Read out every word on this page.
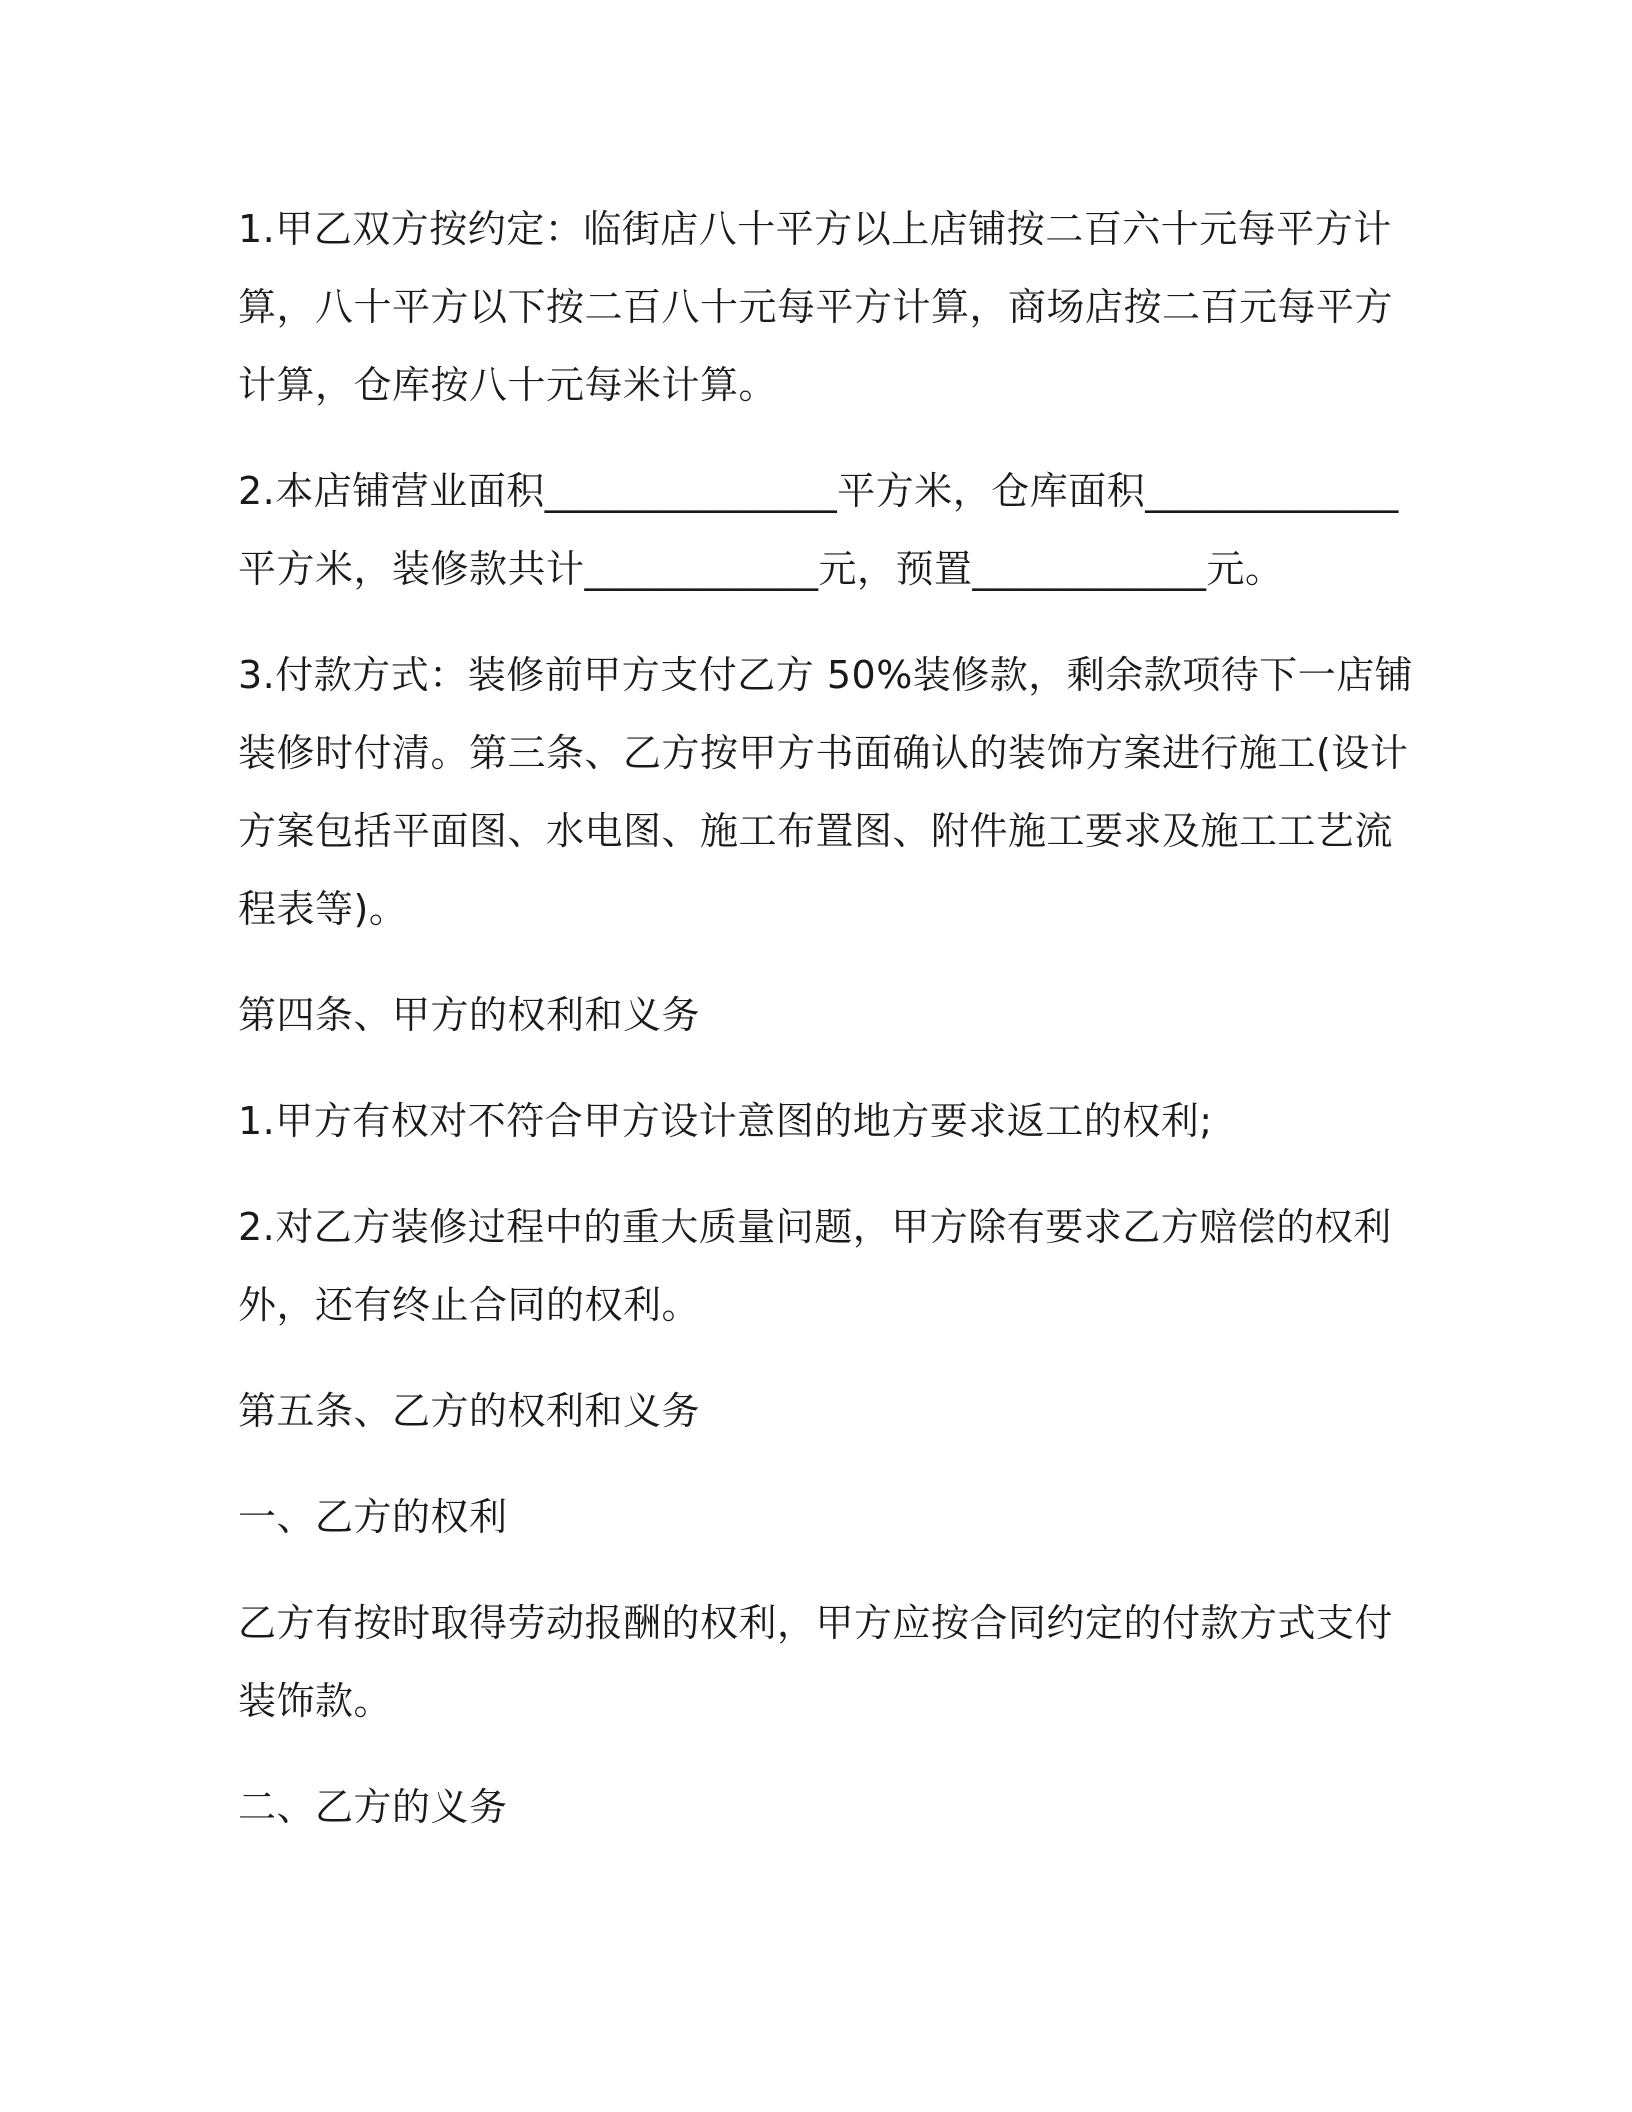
1.甲乙双方按约定：临街店八十平方以上店铺按二百六十元每平方计
算，八十平方以下按二百八十元每平方计算，商场店按二百元每平方
计算，仓库按八十元每米计算。

2.本店铺营业面积_______________平方米，仓库面积_____________
平方米，装修款共计____________元，预置____________元。

3.付款方式：装修前甲方支付乙方 50%装修款，剩余款项待下一店铺
装修时付清。第三条、乙方按甲方书面确认的装饰方案进行施工(设计
方案包括平面图、水电图、施工布置图、附件施工要求及施工工艺流
程表等)。

第四条、甲方的权利和义务

1.甲方有权对不符合甲方设计意图的地方要求返工的权利;

2.对乙方装修过程中的重大质量问题，甲方除有要求乙方赔偿的权利
外，还有终止合同的权利。

第五条、乙方的权利和义务

一、乙方的权利

乙方有按时取得劳动报酬的权利，甲方应按合同约定的付款方式支付
装饰款。

二、乙方的义务
